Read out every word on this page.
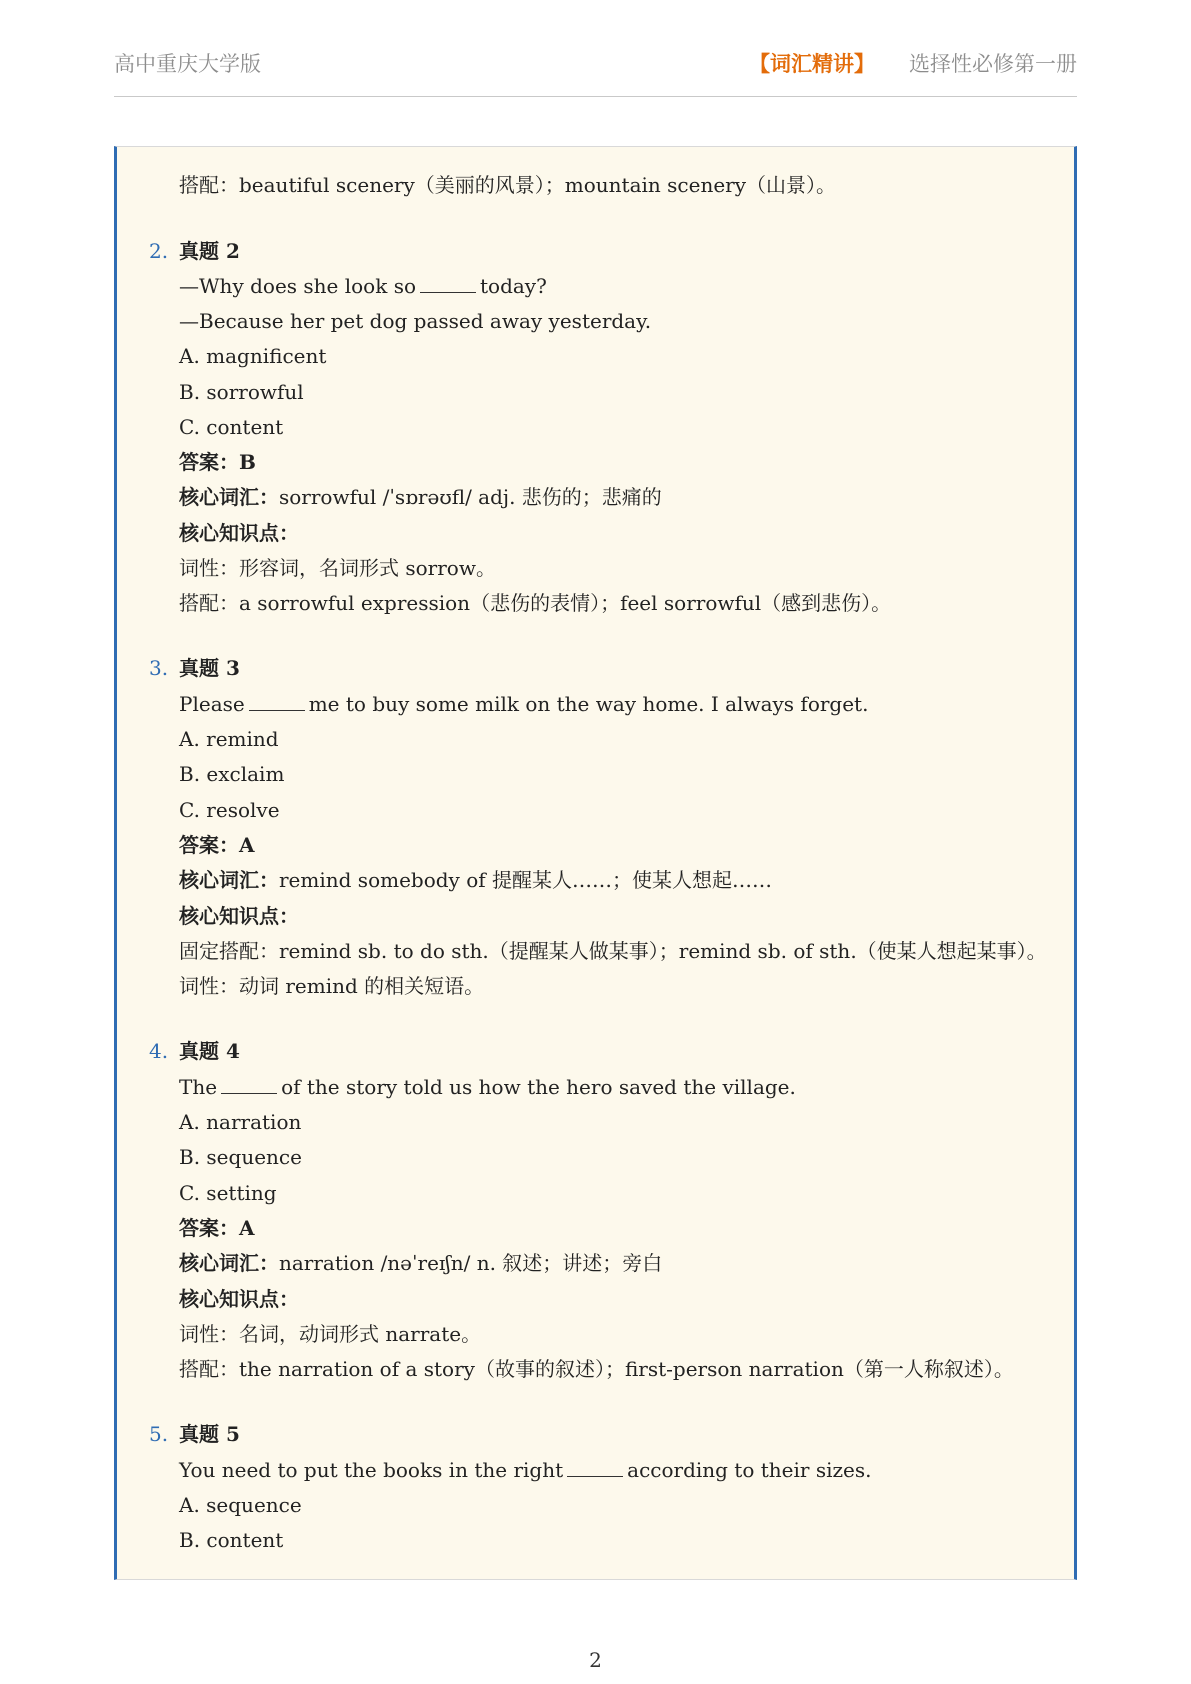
高中重庆大学版	【词汇精讲】 选择性必修第一册
搭配：beautiful scenery（美丽的风景）；mountain scenery（山景）。
2. 真题 2
—Why does she look so	today?
—Because her pet dog passed away yesterday.
A. magnificent
B. sorrowful
C. content
答案：B
核心词汇：sorrowful /ˈsɒrəʊfl/ adj. 悲伤的；悲痛的
核心知识点：
词性：形容词，名词形式 sorrow。
搭配：a sorrowful expression（悲伤的表情）；feel sorrowful（感到悲伤）。
3. 真题 3
Please	me to buy some milk on the way home. I always forget.
A. remind
B. exclaim
C. resolve
答案：A
核心词汇：remind somebody of 提醒某人……；使某人想起……
核心知识点：
固定搭配：remind sb. to do sth.（提醒某人做某事）；remind sb. of sth.（使某人想起某事）。
词性：动词 remind 的相关短语。
4. 真题 4
The	of the story told us how the hero saved the village.
A. narration
B. sequence
C. setting
答案：A
核心词汇：narration /nəˈreɪʃn/ n. 叙述；讲述；旁白
核心知识点：
词性：名词，动词形式 narrate。
搭配：the narration of a story（故事的叙述）；first-person narration（第一人称叙述）。
5. 真题 5
You need to put the books in the right	according to their sizes.
A. sequence
B. content
2
